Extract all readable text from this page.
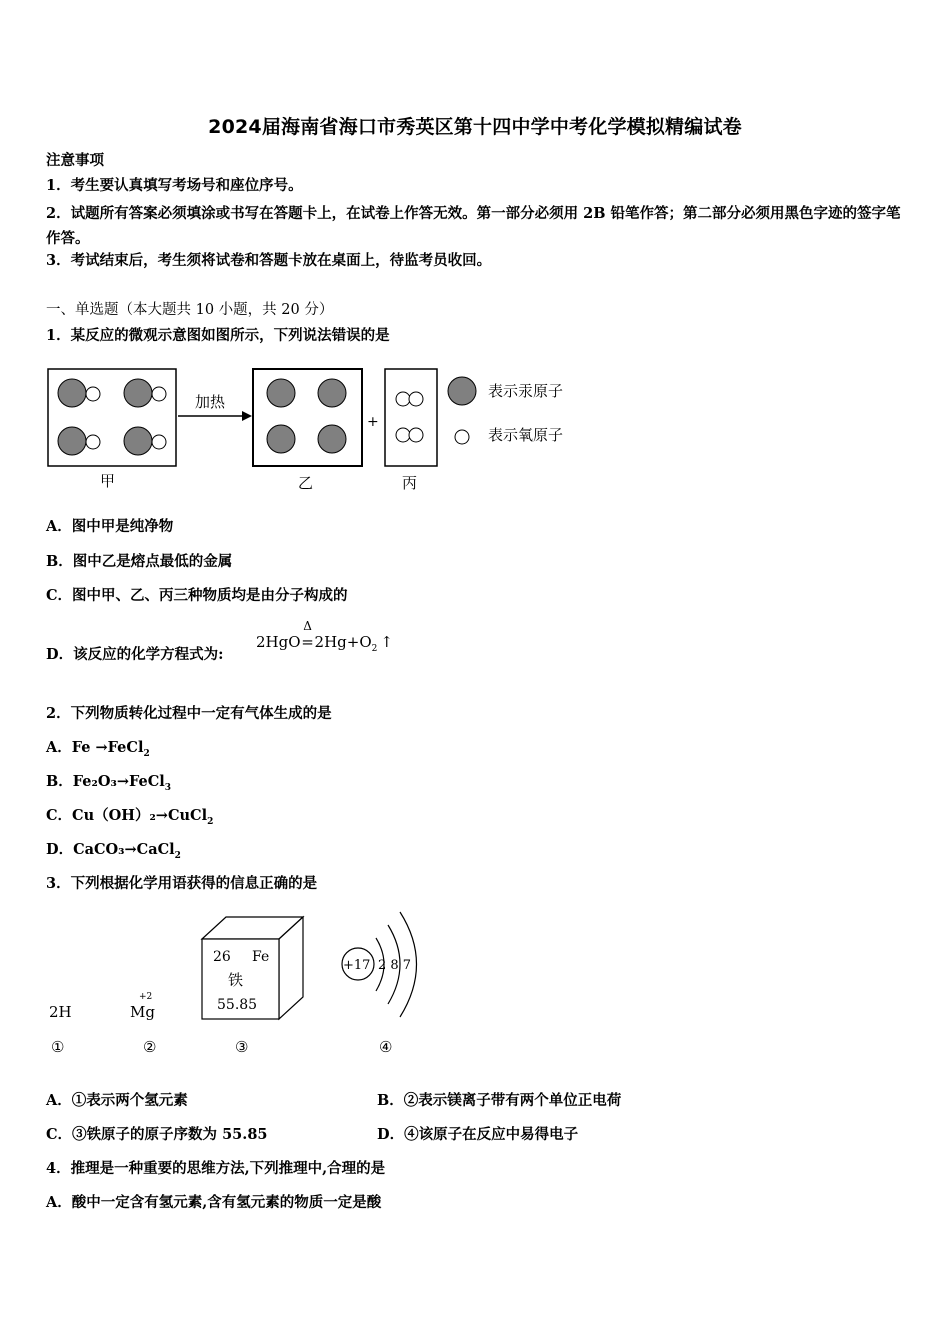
2024届海南省海口市秀英区第十四中学中考化学模拟精编试卷
注意事项
1．考生要认真填写考场号和座位序号。
2．试题所有答案必须填涂或书写在答题卡上，在试卷上作答无效。第一部分必须用 2B 铅笔作答；第二部分必须用黑色字迹的签字笔作答。
3．考试结束后，考生须将试卷和答题卡放在桌面上，待监考员收回。
一、单选题（本大题共 10 小题，共 20 分）
1．某反应的微观示意图如图所示，下列说法错误的是
加热
+
甲	乙	丙
表示汞原子
表示氧原子
A．图中甲是纯净物
B．图中乙是熔点最低的金属
C．图中甲、乙、丙三种物质均是由分子构成的
D．该反应的化学方程式为:
2HgO
Δ
$=2Hg+O_2$ ↑
2．下列物质转化过程中一定有气体生成的是
A．Fe →FeCl$_2$
B．Fe₂O₃→FeCl$_3$
C．Cu（OH）₂→CuCl$_2$
D．CaCO₃→CaCl$_2$
3．下列根据化学用语获得的信息正确的是
2H
+2
Mg
26 Fe
铁
55.85
+17 2 8 7
①	②	③	④
A．①表示两个氢元素	B．②表示镁离子带有两个单位正电荷
C．③铁原子的原子序数为 55.85	D．④该原子在反应中易得电子
4．推理是一种重要的思维方法,下列推理中,合理的是
A．酸中一定含有氢元素,含有氢元素的物质一定是酸
